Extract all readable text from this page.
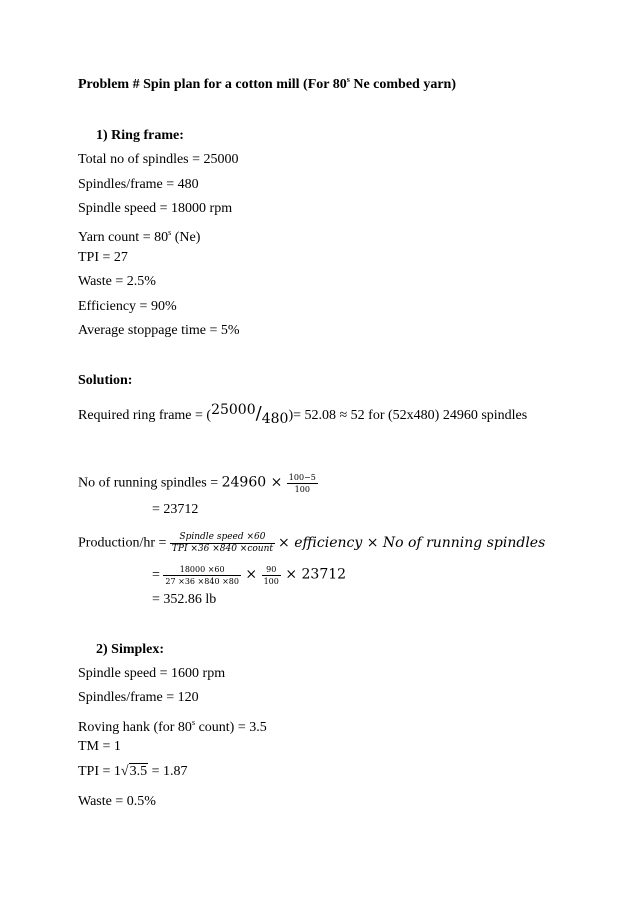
Problem # Spin plan for a cotton mill (For 80$^s$ Ne combed yarn)
1) Ring frame:
Total no of spindles = 25000
Spindles/frame = 480
Spindle speed = 18000 rpm
Yarn count = $80^s$ (Ne)
TPI = 27
Waste = 2.5%
Efficiency = 90%
Average stoppage time = 5%
Solution:
Required ring frame = (25000/480)= 52.08 ≈ 52 for (52x480) 24960 spindles
No of running spindles = $24960 \times \frac{100-5}{100}$
= 23712
Production/hr = $\frac{\text{Spindle speed ×60}}{\text{TPI ×36 ×840 ×count}}$ × efficiency × No of running spindles
= $\frac{18000 \times 60}{27 \times 36 \times 840 \times 80} \times \frac{90}{100} \times 23712$
= 352.86 lb
2) Simplex:
Spindle speed = 1600 rpm
Spindles/frame = 120
Roving hank (for 80$^s$ count) = 3.5
TM = 1
TPI = 1√3.5 = 1.87
Waste = 0.5%
